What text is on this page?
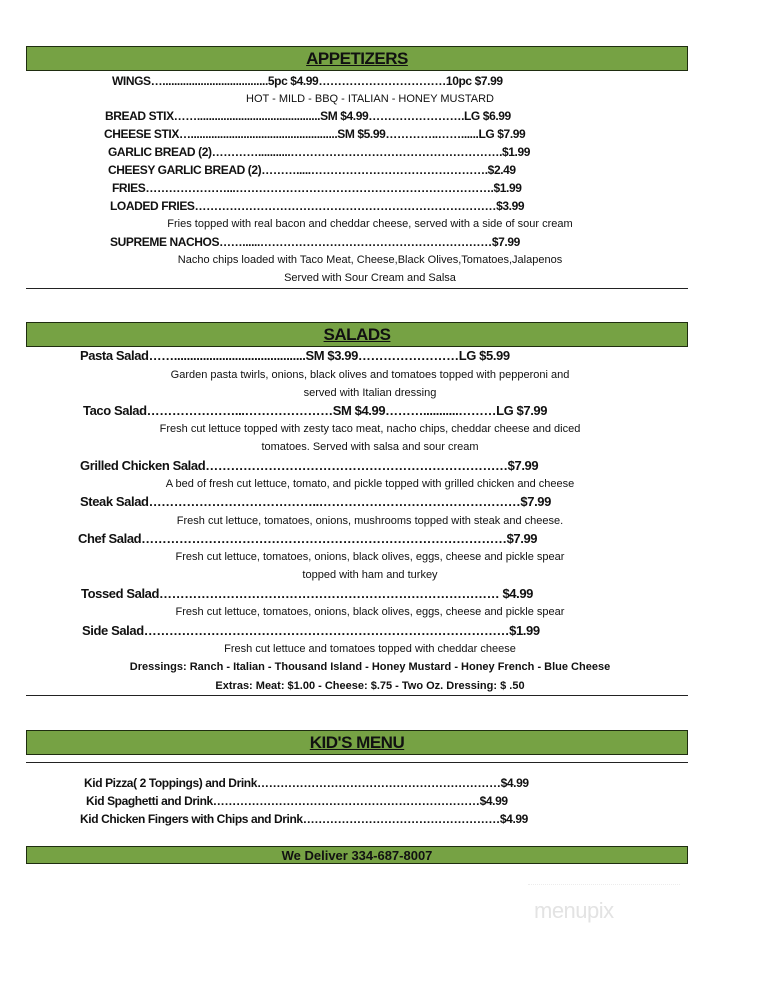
APPETIZERS
WINGS…....................................5pc $4.99……………………………10pc $7.99
HOT - MILD - BBQ - ITALIAN - HONEY MUSTARD
BREAD STIX……..........................................SM $4.99…………………….LG $6.99
CHEESE STIX…..................................................SM $5.99…………..……......LG $7.99
GARLIC BREAD (2)…………...........……………………………………………….$1.99
CHEESY GARLIC BREAD (2)……….....……………………………………….$2.49
FRIES…………………...………………………………………………………….$1.99
LOADED FRIES……………………………………………………………………$3.99
Fries topped with real bacon and cheddar cheese, served with a side of sour cream
SUPREME NACHOS……......……………………………………………………$7.99
Nacho chips loaded with Taco Meat, Cheese,Black Olives,Tomatoes,Jalapenos
Served with Sour Cream and Salsa
SALADS
Pasta Salad…….........................................SM $3.99……………………LG $5.99
Garden pasta twirls, onions, black olives and tomatoes topped with pepperoni and
served with Italian dressing
Taco Salad…………………...…………………SM $4.99………...........………LG $7.99
Fresh cut lettuce topped with zesty taco meat, nacho chips, cheddar cheese and diced
tomatoes. Served with salsa and sour cream
Grilled Chicken Salad………………………………………………………………$7.99
A bed of fresh cut lettuce, tomato, and pickle topped with grilled chicken and cheese
Steak Salad…………………………………..…………………………………………$7.99
Fresh cut lettuce, tomatoes, onions, mushrooms topped with steak and cheese.
Chef Salad……………………………………………………………………………$7.99
Fresh cut lettuce, tomatoes, onions, black olives, eggs, cheese and pickle spear
topped with ham and turkey
Tossed Salad……………………………………………………………………… $4.99
Fresh cut lettuce, tomatoes, onions, black olives, eggs, cheese and pickle spear
Side Salad……………………………………………………………………………$1.99
Fresh cut lettuce and tomatoes topped with cheddar cheese
Dressings: Ranch - Italian - Thousand Island - Honey Mustard - Honey French - Blue Cheese
Extras: Meat: $1.00 - Cheese: $.75 - Two Oz. Dressing: $ .50
KID'S MENU
Kid Pizza( 2 Toppings) and Drink………………………………………………………$4.99
Kid Spaghetti and Drink……………………………………………………………$4.99
Kid Chicken Fingers with Chips and Drink……………………………………………$4.99
We Deliver 334-687-8007
menupix
